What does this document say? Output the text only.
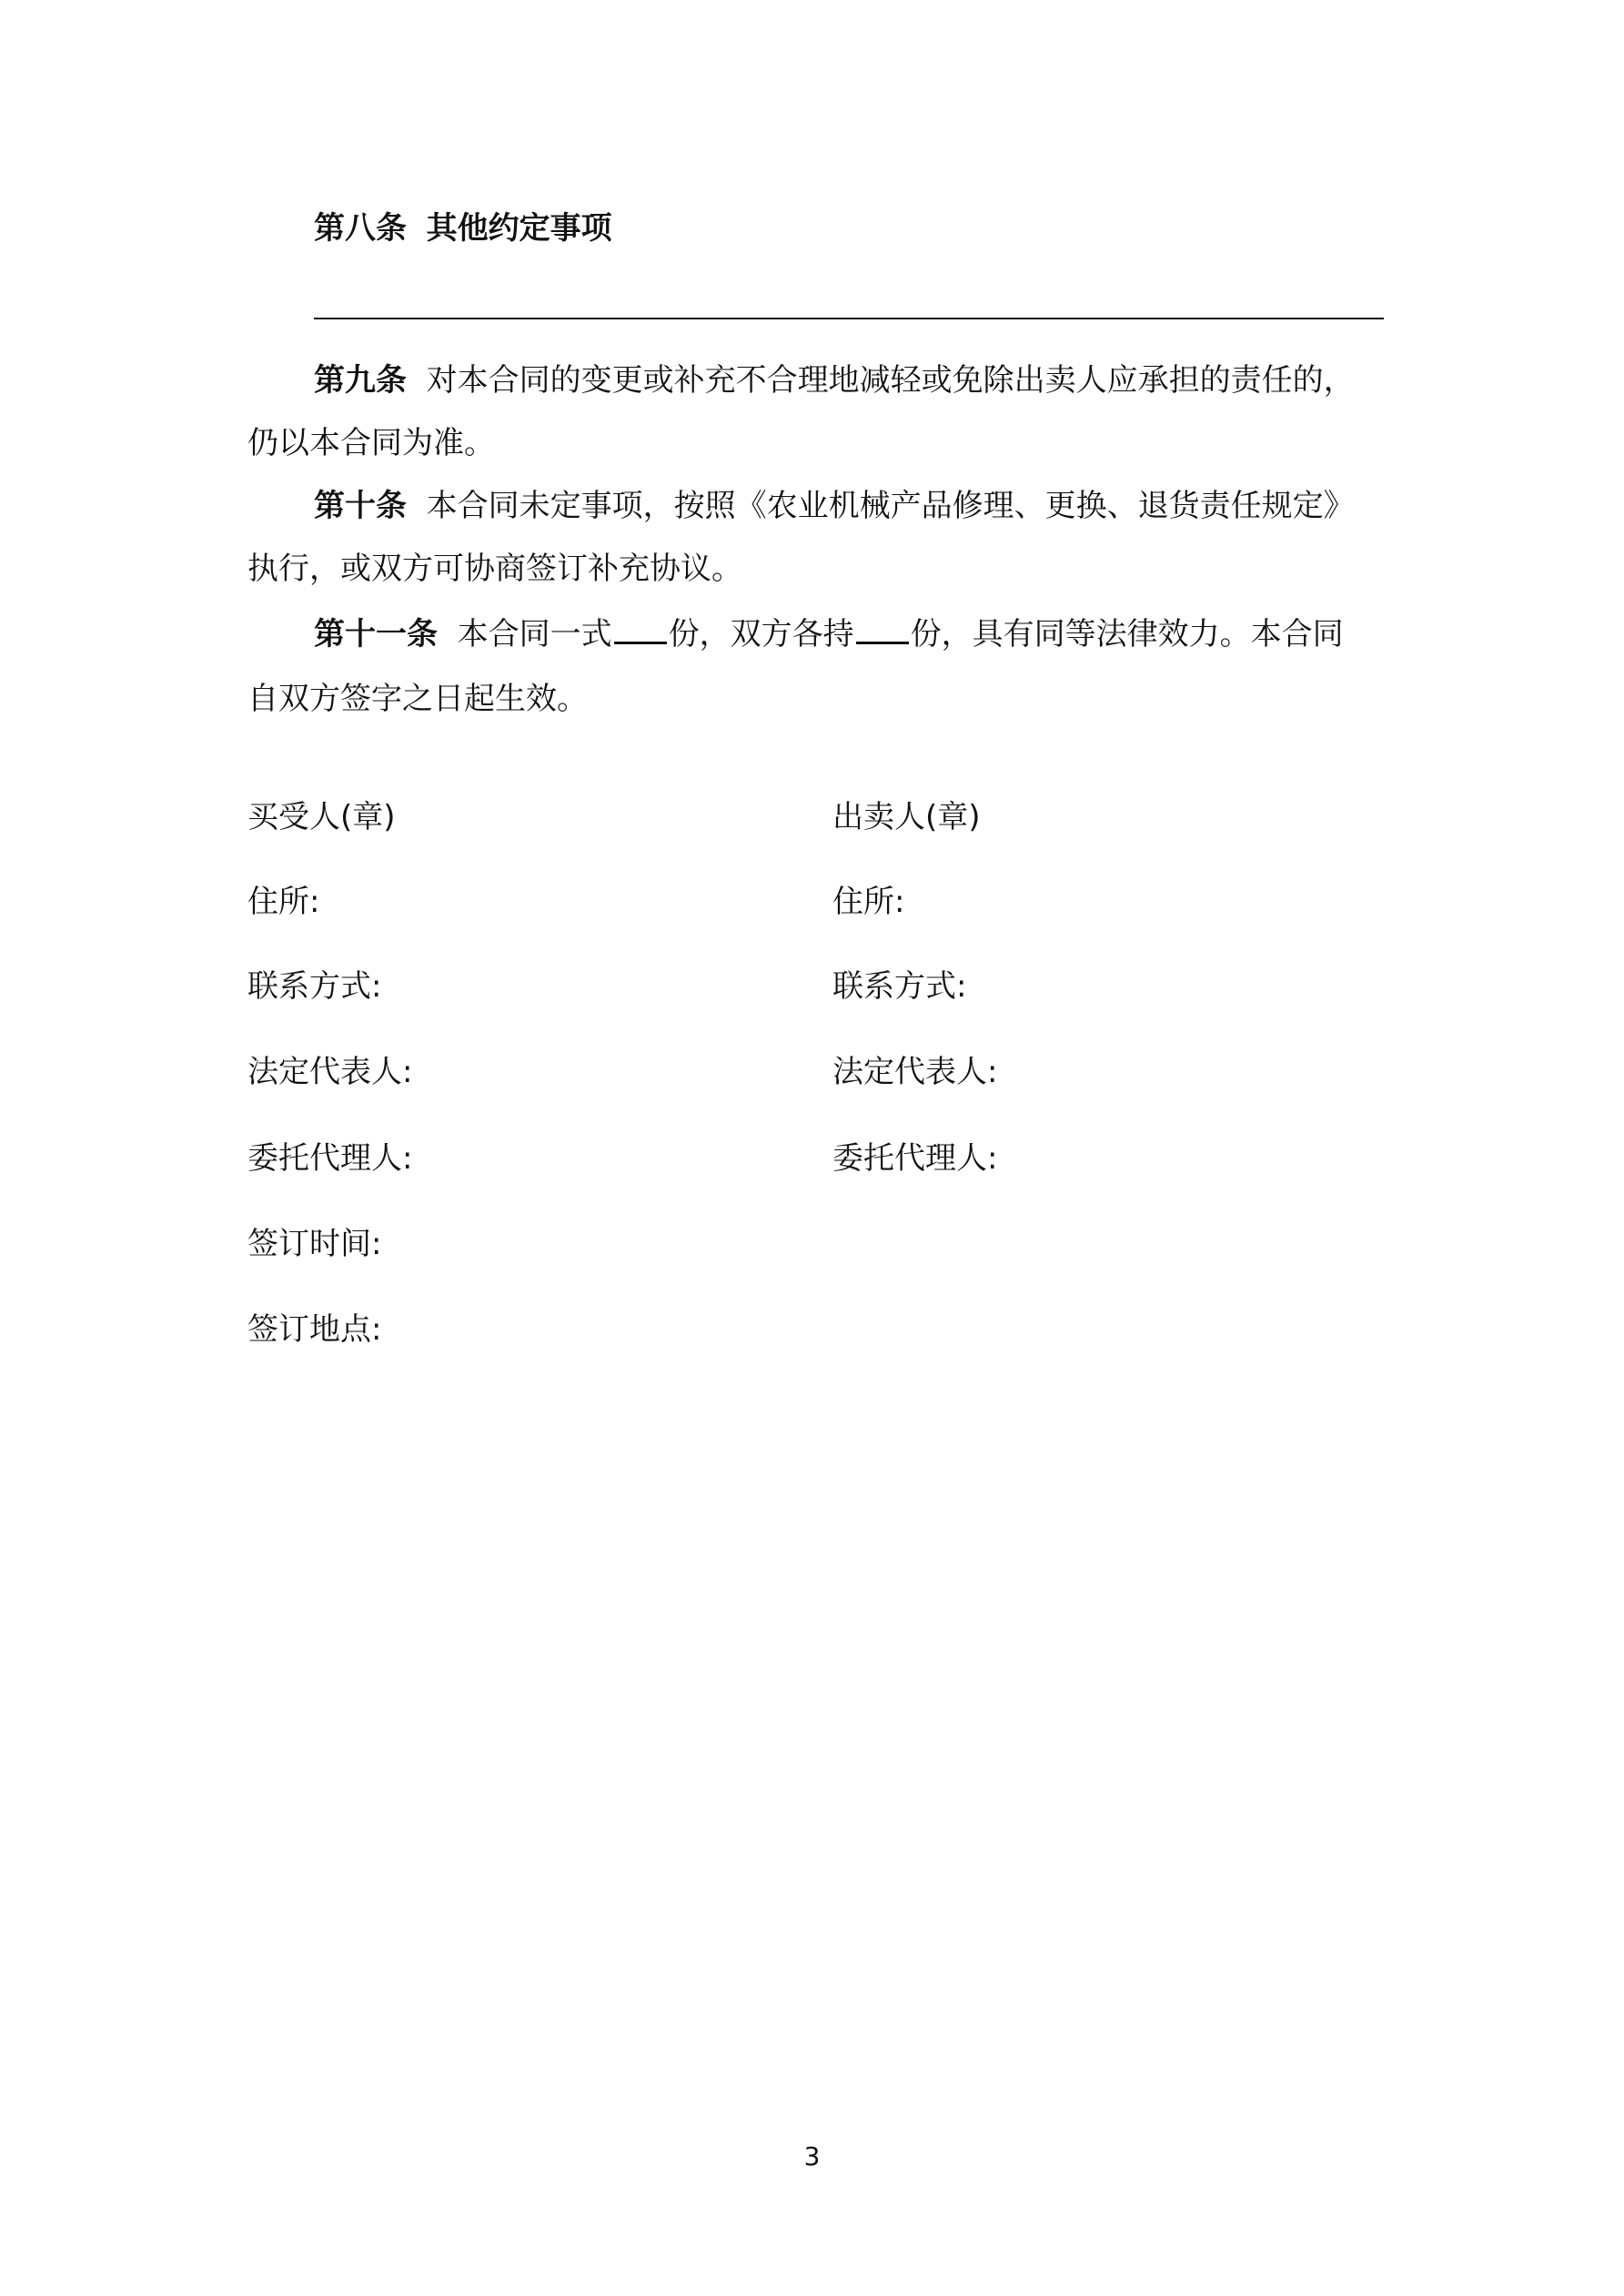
第八条 其他约定事项
第九条 对本合同的变更或补充不合理地减轻或免除出卖人应承担的责任的，
仍以本合同为准。
第十条 本合同未定事项，按照《农业机械产品修理、更换、退货责任规定》
执行，或双方可协商签订补充协议。
第十一条 本合同一式 份，双方各持 份，具有同等法律效力。本合同
自双方签字之日起生效。
买受人(章)
住所:
联系方式:
法定代表人:
委托代理人:
签订时间:
签订地点:
出卖人(章)
住所:
联系方式:
法定代表人:
委托代理人:
3
